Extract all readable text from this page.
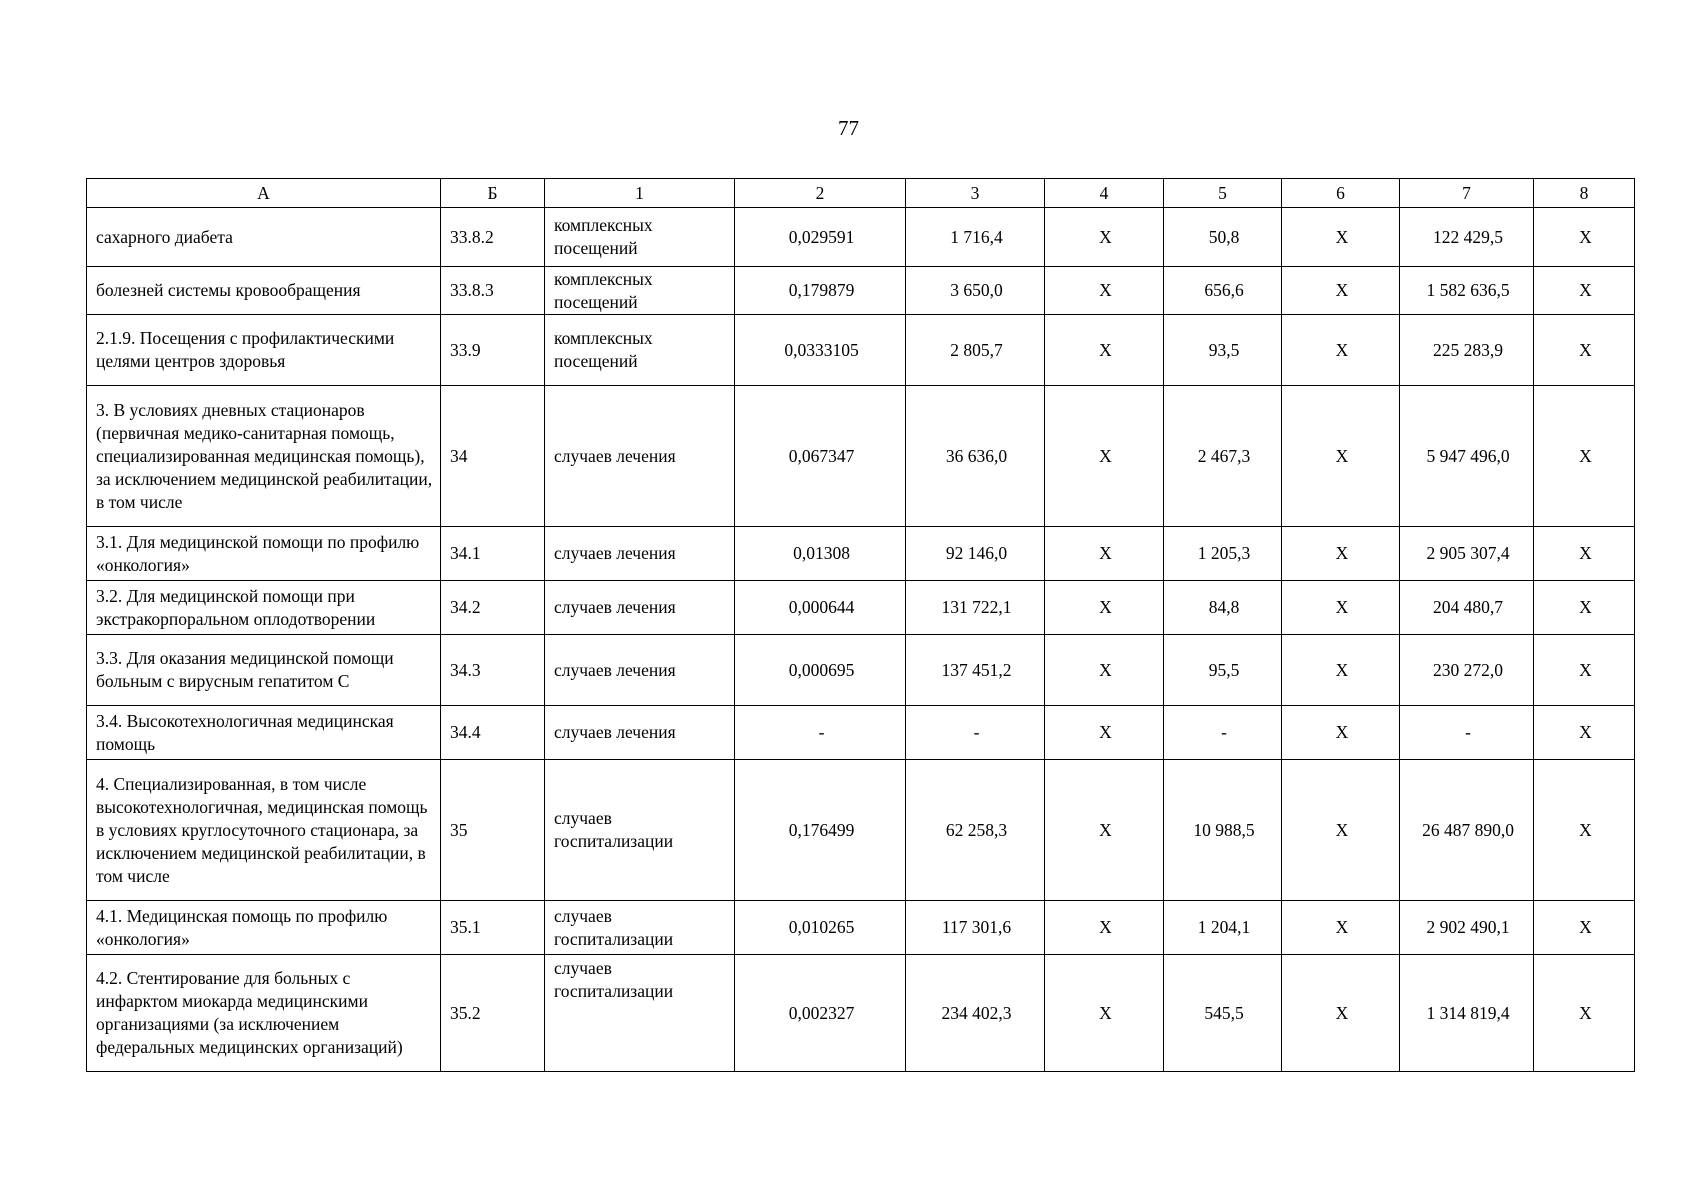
77
А	Б	1	2	3	4	5	6	7	8
сахарного диабета	33.8.2	комплексных посещений	0,029591	1 716,4	Х	50,8	Х	122 429,5	Х
болезней системы кровообращения	33.8.3	комплексных посещений	0,179879	3 650,0	Х	656,6	Х	1 582 636,5	Х
2.1.9. Посещения с профилактическими целями центров здоровья	33.9	комплексных посещений	0,0333105	2 805,7	Х	93,5	Х	225 283,9	Х
3. В условиях дневных стационаров (первичная медико-санитарная помощь, специализированная медицинская помощь), за исключением медицинской реабилитации, в том числе	34	случаев лечения	0,067347	36 636,0	Х	2 467,3	Х	5 947 496,0	Х
3.1. Для медицинской помощи по профилю «онкология»	34.1	случаев лечения	0,01308	92 146,0	Х	1 205,3	Х	2 905 307,4	Х
3.2. Для медицинской помощи при экстракорпоральном оплодотворении	34.2	случаев лечения	0,000644	131 722,1	Х	84,8	Х	204 480,7	Х
3.3. Для оказания медицинской помощи больным с вирусным гепатитом С	34.3	случаев лечения	0,000695	137 451,2	Х	95,5	Х	230 272,0	Х
3.4. Высокотехнологичная медицинская помощь	34.4	случаев лечения	-	-	Х	-	Х	-	Х
4. Специализированная, в том числе высокотехнологичная, медицинская помощь в условиях круглосуточного стационара, за исключением медицинской реабилитации, в том числе	35	случаев госпитализации	0,176499	62 258,3	Х	10 988,5	Х	26 487 890,0	Х
4.1. Медицинская помощь по профилю «онкология»	35.1	случаев госпитализации	0,010265	117 301,6	Х	1 204,1	Х	2 902 490,1	Х
4.2. Стентирование для больных с инфарктом миокарда медицинскими организациями (за исключением федеральных медицинских организаций)	35.2	случаев госпитализации	0,002327	234 402,3	Х	545,5	Х	1 314 819,4	Х
